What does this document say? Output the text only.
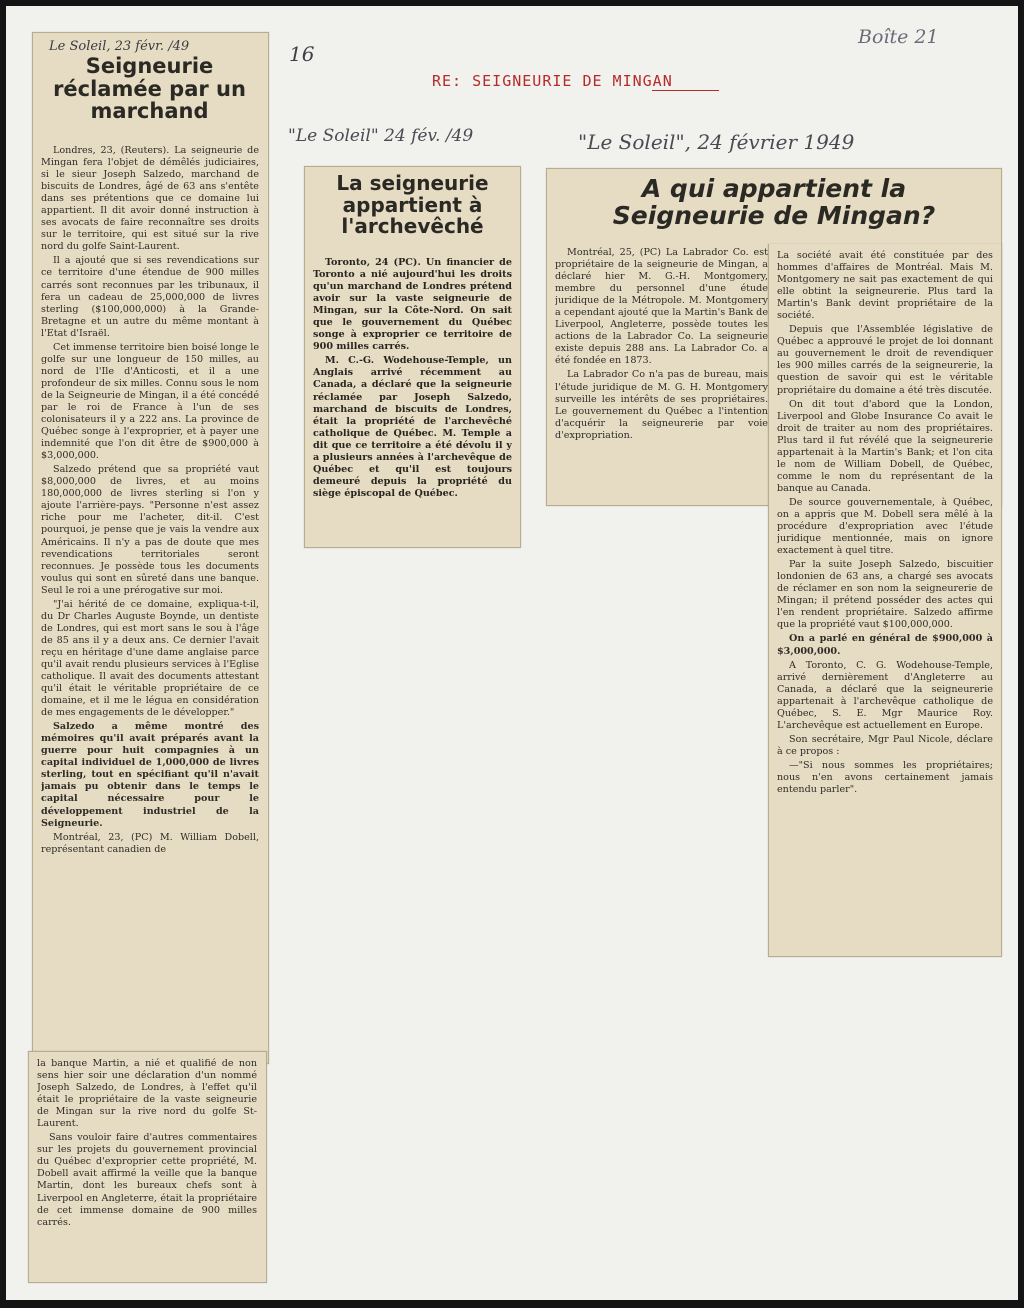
Boîte 21
16
RE: SEIGNEURIE DE MINGAN
"Le Soleil" 24 fév. /49	"Le Soleil", 24 février 1949
Le Soleil, 23 févr. /49
Seigneurie réclamée par un marchand

Londres, 23, (Reuters). La seigneurie de Mingan fera l'objet de démêlés judiciaires, si le sieur Joseph Salzedo, marchand de biscuits de Londres, âgé de 63 ans s'entête dans ses prétentions que ce domaine lui appartient. Il dit avoir donné instruction à ses avocats de faire reconnaître ses droits sur le territoire, qui est situé sur la rive nord du golfe Saint-Laurent.

Il a ajouté que si ses revendications sur ce territoire d'une étendue de 900 milles carrés sont reconnues par les tribunaux, il fera un cadeau de 25,000,000 de livres sterling ($100,000,000) à la Grande-Bretagne et un autre du même montant à l'Etat d'Israël.

Cet immense territoire bien boisé longe le golfe sur une longueur de 150 milles, au nord de l'Ile d'Anticosti, et il a une profondeur de six milles. Connu sous le nom de la Seigneurie de Mingan, il a été concédé par le roi de France à l'un de ses colonisateurs il y a 222 ans. La province de Québec songe à l'exproprier, et à payer une indemnité que l'on dit être de $900,000 à $3,000,000.

Salzedo prétend que sa propriété vaut $8,000,000 de livres, et au moins 180,000,000 de livres sterling si l'on y ajoute l'arrière-pays. "Personne n'est assez riche pour me l'acheter, dit-il. C'est pourquoi, je pense que je vais la vendre aux Américains. Il n'y a pas de doute que mes revendications territoriales seront reconnues. Je possède tous les documents voulus qui sont en sûreté dans une banque. Seul le roi a une prérogative sur moi.

"J'ai hérité de ce domaine, expliqua-t-il, du Dr Charles Auguste Boynde, un dentiste de Londres, qui est mort sans le sou à l'âge de 85 ans il y a deux ans. Ce dernier l'avait reçu en héritage d'une dame anglaise parce qu'il avait rendu plusieurs services à l'Eglise catholique. Il avait des documents attestant qu'il était le véritable propriétaire de ce domaine, et il me le légua en considération de mes engagements de le développer."

Salzedo a même montré des mémoires qu'il avait préparés avant la guerre pour huit compagnies à un capital individuel de 1,000,000 de livres sterling, tout en spécifiant qu'il n'avait jamais pu obtenir dans le temps le capital nécessaire pour le développement industriel de la Seigneurie.

Montréal, 23, (PC) M. William Dobell, représentant canadien de

la banque Martin, a nié et qualifié de non sens hier soir une déclaration d'un nommé Joseph Salzedo, de Londres, à l'effet qu'il était le propriétaire de la vaste seigneurie de Mingan sur la rive nord du golfe St-Laurent.

Sans vouloir faire d'autres commentaires sur les projets du gouvernement provincial du Québec d'exproprier cette propriété, M. Dobell avait affirmé la veille que la banque Martin, dont les bureaux chefs sont à Liverpool en Angleterre, était la propriétaire de cet immense domaine de 900 milles carrés.

La seigneurie appartient à l'archevêché

Toronto, 24 (PC). Un financier de Toronto a nié aujourd'hui les droits qu'un marchand de Londres prétend avoir sur la vaste seigneurie de Mingan, sur la Côte-Nord. On sait que le gouvernement du Québec songe à exproprier ce territoire de 900 milles carrés.

M. C.-G. Wodehouse-Temple, un Anglais arrivé récemment au Canada, a déclaré que la seigneurie réclamée par Joseph Salzedo, marchand de biscuits de Londres, était la propriété de l'archevêché catholique de Québec. M. Temple a dit que ce territoire a été dévolu il y a plusieurs années à l'archevêque de Québec et qu'il est toujours demeuré depuis la propriété du siège épiscopal de Québec.

A qui appartient la Seigneurie de Mingan?

Montréal, 25, (PC) La Labrador Co. est propriétaire de la seigneurie de Mingan, a déclaré hier M. G.-H. Montgomery, membre du personnel d'une étude juridique de la Métropole. M. Montgomery a cependant ajouté que la Martin's Bank de Liverpool, Angleterre, possède toutes les actions de la Labrador Co. La seigneurie existe depuis 288 ans. La Labrador Co. a été fondée en 1873.

La Labrador Co n'a pas de bureau, mais l'étude juridique de M. G. H. Montgomery surveille les intérêts de ses propriétaires. Le gouvernement du Québec a l'intention d'acquérir la seigneurerie par voie d'expropriation.

La société avait été constituée par des hommes d'affaires de Montréal. Mais M. Montgomery ne sait pas exactement de qui elle obtint la seigneurerie. Plus tard la Martin's Bank devint propriétaire de la société.

Depuis que l'Assemblée législative de Québec a approuvé le projet de loi donnant au gouvernement le droit de revendiquer les 900 milles carrés de la seigneurerie, la question de savoir qui est le véritable propriétaire du domaine a été très discutée.

On dit tout d'abord que la London, Liverpool and Globe Insurance Co avait le droit de traiter au nom des propriétaires. Plus tard il fut révélé que la seigneurerie appartenait à la Martin's Bank; et l'on cita le nom de William Dobell, de Québec, comme le nom du représentant de la banque au Canada.

De source gouvernementale, à Québec, on a appris que M. Dobell sera mêlé à la procédure d'expropriation avec l'étude juridique mentionnée, mais on ignore exactement à quel titre.

Par la suite Joseph Salzedo, biscuitier londonien de 63 ans, a chargé ses avocats de réclamer en son nom la seigneurerie de Mingan; il prétend posséder des actes qui l'en rendent propriétaire. Salzedo affirme que la propriété vaut $100,000,000.

On a parlé en général de $900,000 à $3,000,000.

A Toronto, C. G. Wodehouse-Temple, arrivé dernièrement d'Angleterre au Canada, a déclaré que la seigneurerie appartenait à l'archevêque catholique de Québec, S. E. Mgr Maurice Roy. L'archevêque est actuellement en Europe.

Son secrétaire, Mgr Paul Nicole, déclare à ce propos :

—"Si nous sommes les propriétaires; nous n'en avons certainement jamais entendu parler".
